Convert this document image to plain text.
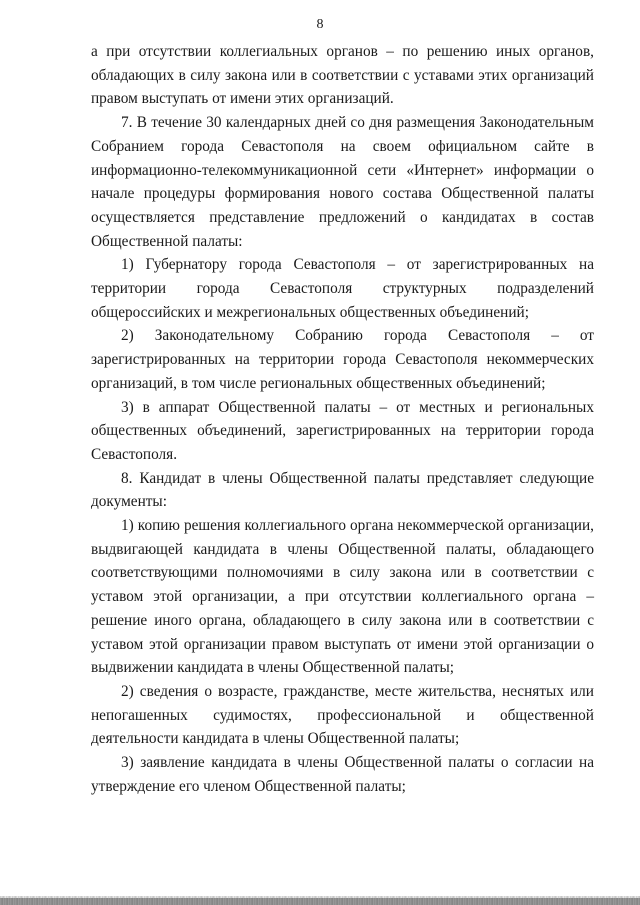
8

а при отсутствии коллегиальных органов – по решению иных органов, обладающих в силу закона или в соответствии с уставами этих организаций правом выступать от имени этих организаций.

7. В течение 30 календарных дней со дня размещения Законодательным Собранием города Севастополя на своем официальном сайте в информационно-телекоммуникационной сети «Интернет» информации о начале процедуры формирования нового состава Общественной палаты осуществляется представление предложений о кандидатах в состав Общественной палаты:

1) Губернатору города Севастополя – от зарегистрированных на территории города Севастополя структурных подразделений общероссийских и межрегиональных общественных объединений;

2) Законодательному Собранию города Севастополя – от зарегистрированных на территории города Севастополя некоммерческих организаций, в том числе региональных общественных объединений;

3) в аппарат Общественной палаты – от местных и региональных общественных объединений, зарегистрированных на территории города Севастополя.

8. Кандидат в члены Общественной палаты представляет следующие документы:

1) копию решения коллегиального органа некоммерческой организации, выдвигающей кандидата в члены Общественной палаты, обладающего соответствующими полномочиями в силу закона или в соответствии с уставом этой организации, а при отсутствии коллегиального органа – решение иного органа, обладающего в силу закона или в соответствии с уставом этой организации правом выступать от имени этой организации о выдвижении кандидата в члены Общественной палаты;

2) сведения о возрасте, гражданстве, месте жительства, неснятых или непогашенных судимостях, профессиональной и общественной деятельности кандидата в члены Общественной палаты;

3) заявление кандидата в члены Общественной палаты о согласии на утверждение его членом Общественной палаты;
